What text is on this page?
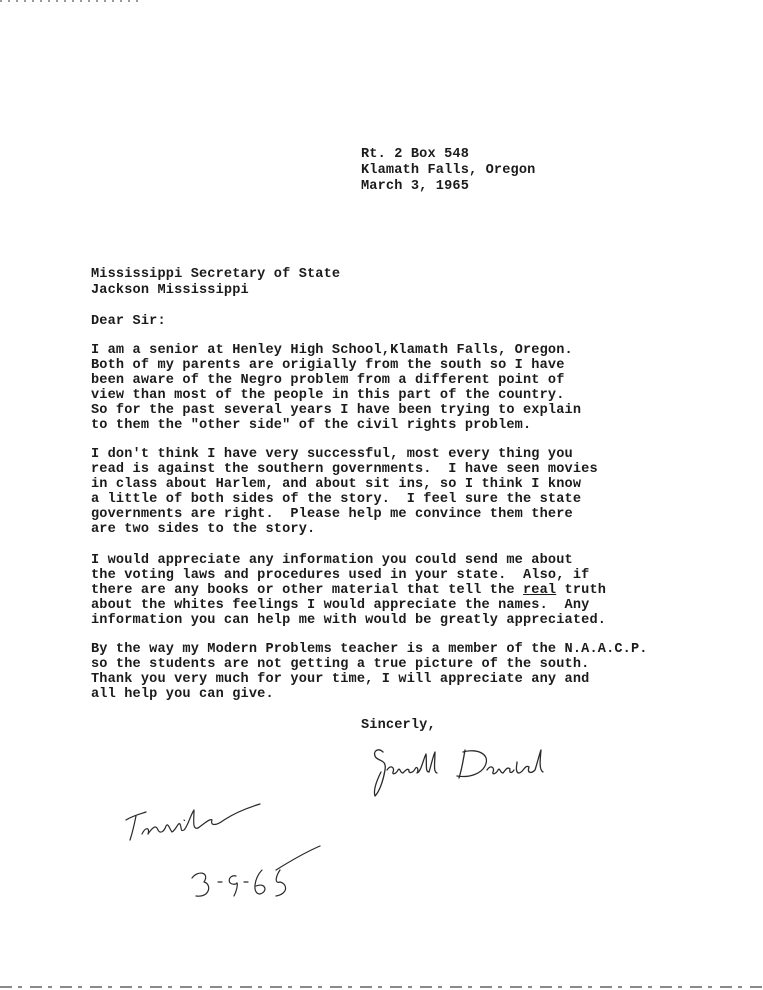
Rt. 2 Box 548
Klamath Falls, Oregon
March 3, 1965
Mississippi Secretary of State
Jackson Mississippi
Dear Sir:
I am a senior at Henley High School,Klamath Falls, Oregon.
Both of my parents are origially from the south so I have
been aware of the Negro problem from a different point of
view than most of the people in this part of the country.
So for the past several years I have been trying to explain
to them the "other side" of the civil rights problem.
I don't think I have very successful, most every thing you
read is against the southern governments.  I have seen movies
in class about Harlem, and about sit ins, so I think I know
a little of both sides of the story.  I feel sure the state
governments are right.  Please help me convince them there
are two sides to the story.
I would appreciate any information you could send me about
the voting laws and procedures used in your state.  Also, if
there are any books or other material that tell the real truth
about the whites feelings I would appreciate the names.  Any
information you can help me with would be greatly appreciated.
By the way my Modern Problems teacher is a member of the N.A.A.C.P.
so the students are not getting a true picture of the south.
Thank you very much for your time, I will appreciate any and
all help you can give.
Sincerly,
